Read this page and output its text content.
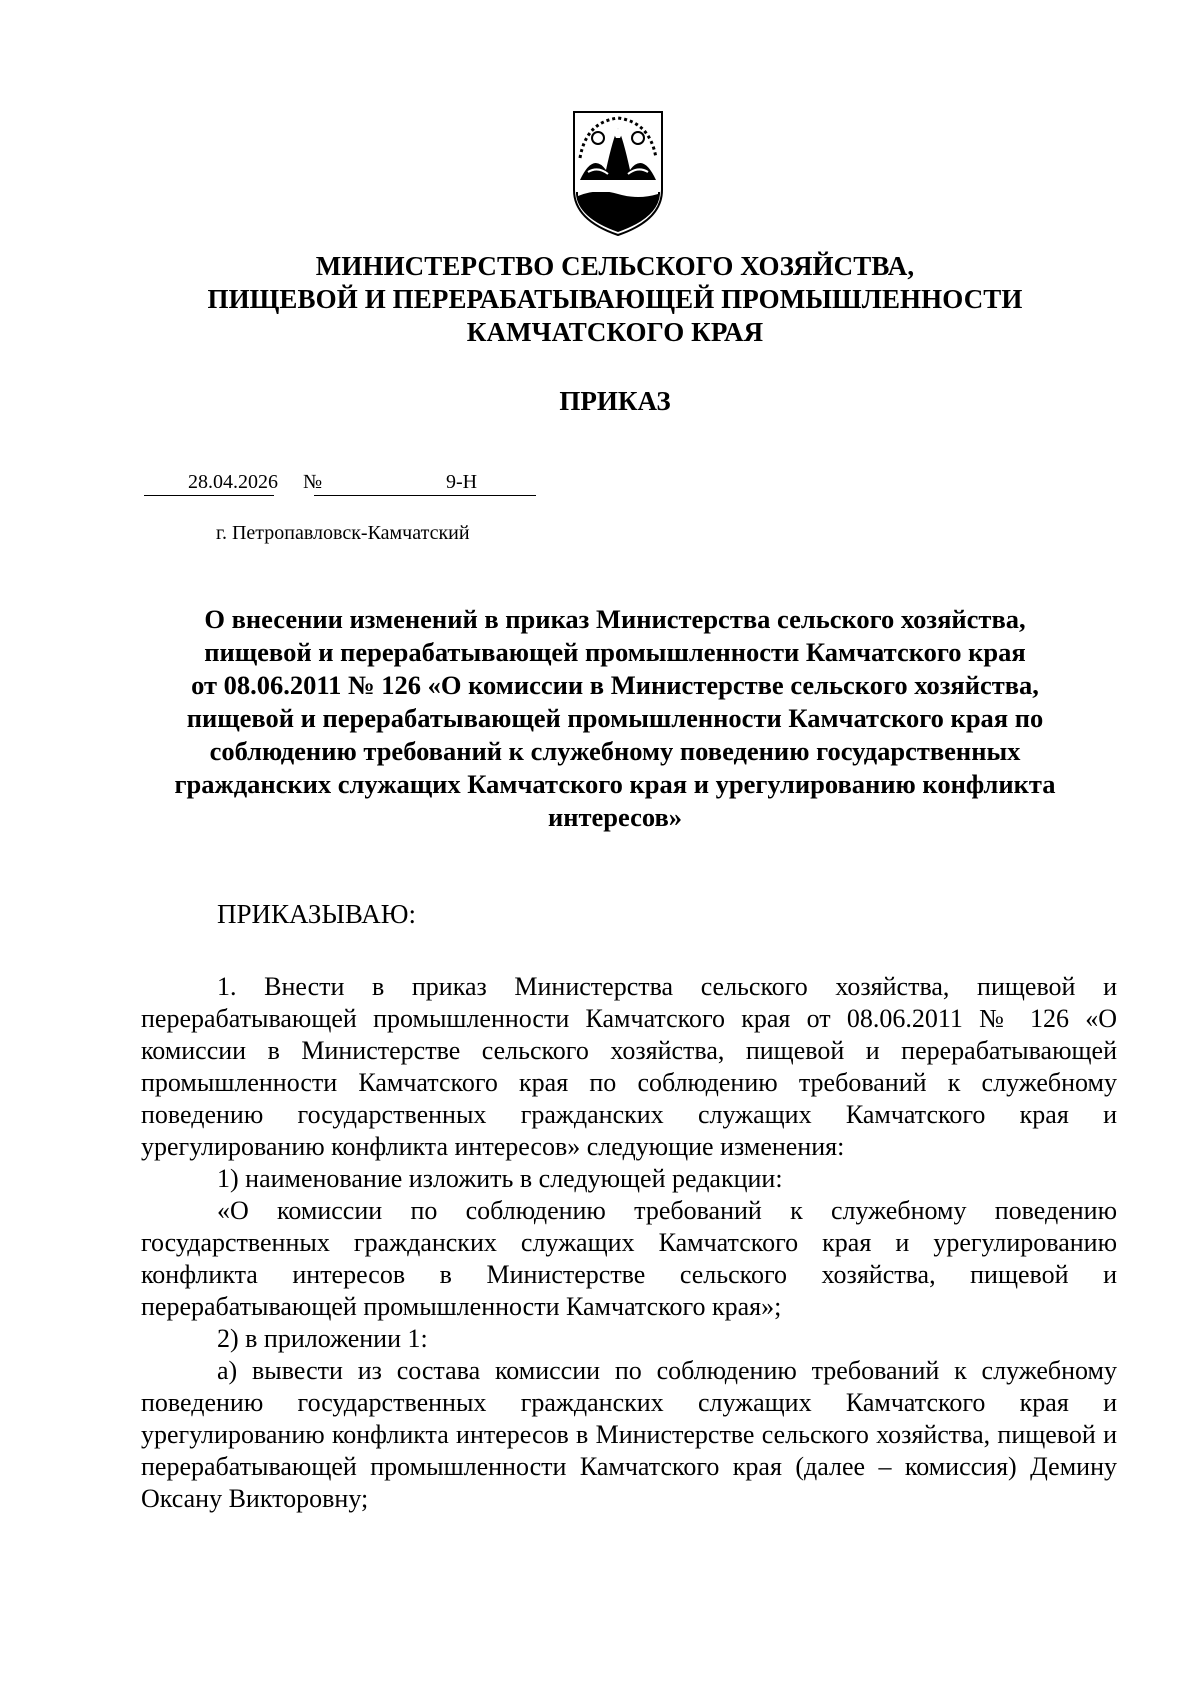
МИНИСТЕРСТВО СЕЛЬСКОГО ХОЗЯЙСТВА,
ПИЩЕВОЙ И ПЕРЕРАБАТЫВАЮЩЕЙ ПРОМЫШЛЕННОСТИ
КАМЧАТСКОГО КРАЯ
ПРИКАЗ
28.04.2026 №	9-Н
г. Петропавловск-Камчатский
О внесении изменений в приказ Министерства сельского хозяйства,
пищевой и перерабатывающей промышленности Камчатского края
от 08.06.2011 № 126 «О комиссии в Министерстве сельского хозяйства,
пищевой и перерабатывающей промышленности Камчатского края по
соблюдению требований к служебному поведению государственных
гражданских служащих Камчатского края и урегулированию конфликта
интересов»
ПРИКАЗЫВАЮ:

1. Внести в приказ Министерства сельского хозяйства, пищевой и перерабатывающей промышленности Камчатского края от 08.06.2011 № 126 «О комиссии в Министерстве сельского хозяйства, пищевой и перерабатывающей промышленности Камчатского края по соблюдению требований к служебному поведению государственных гражданских служащих Камчатского края и урегулированию конфликта интересов» следующие изменения:

1) наименование изложить в следующей редакции:

«О комиссии по соблюдению требований к служебному поведению государственных гражданских служащих Камчатского края и урегулированию конфликта интересов в Министерстве сельского хозяйства, пищевой и перерабатывающей промышленности Камчатского края»;

2) в приложении 1:

а) вывести из состава комиссии по соблюдению требований к служебному поведению государственных гражданских служащих Камчатского края и урегулированию конфликта интересов в Министерстве сельского хозяйства, пищевой и перерабатывающей промышленности Камчатского края (далее – комиссия) Демину Оксану Викторовну;
